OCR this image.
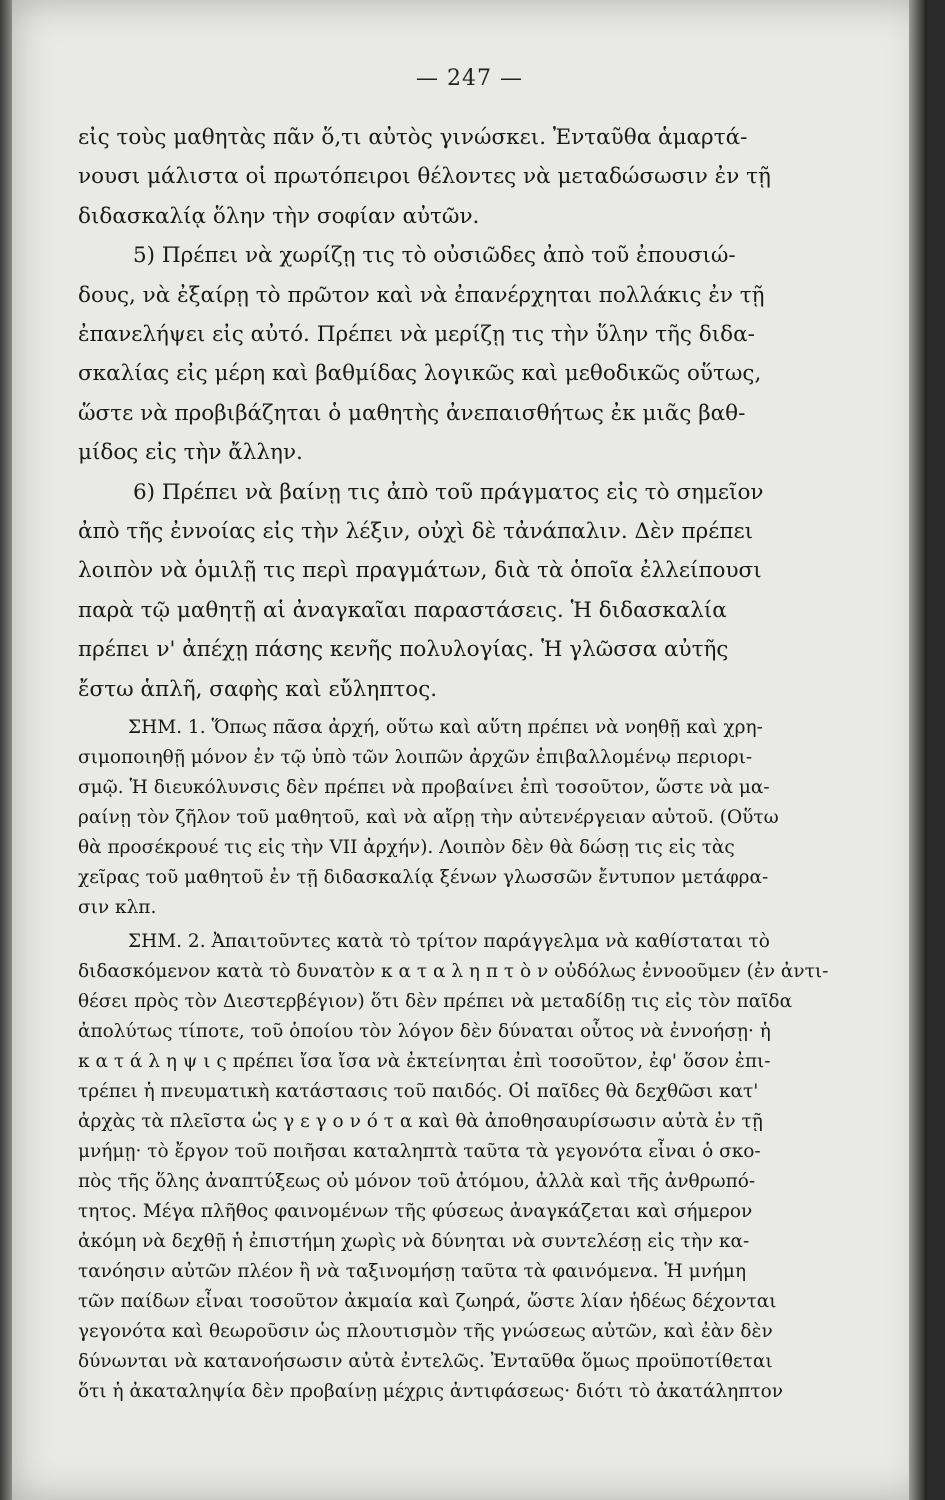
— 247 —
εἰς τοὺς μαθητὰς πᾶν ὅ,τι αὐτὸς γινώσκει. Ἐνταῦθα ἁμαρτά-
νουσι μάλιστα οἱ πρωτόπειροι θέλοντες νὰ μεταδώσωσιν ἐν τῇ
διδασκαλίᾳ ὅλην τὴν σοφίαν αὐτῶν.
5) Πρέπει νὰ χωρίζῃ τις τὸ οὐσιῶδες ἀπὸ τοῦ ἐπουσιώ-
δους, νὰ ἐξαίρῃ τὸ πρῶτον καὶ νὰ ἐπανέρχηται πολλάκις ἐν τῇ
ἐπανελήψει εἰς αὐτό. Πρέπει νὰ μερίζῃ τις τὴν ὕλην τῆς διδα-
σκαλίας εἰς μέρη καὶ βαθμίδας λογικῶς καὶ μεθοδικῶς οὕτως,
ὥστε νὰ προβιβάζηται ὁ μαθητὴς ἀνεπαισθήτως ἐκ μιᾶς βαθ-
μίδος εἰς τὴν ἄλλην.
6) Πρέπει νὰ βαίνῃ τις ἀπὸ τοῦ πράγματος εἰς τὸ σημεῖον
ἀπὸ τῆς ἐννοίας εἰς τὴν λέξιν, οὐχὶ δὲ τἀνάπαλιν. Δὲν πρέπει
λοιπὸν νὰ ὁμιλῇ τις περὶ πραγμάτων, διὰ τὰ ὁποῖα ἐλλείπουσι
παρὰ τῷ μαθητῇ αἱ ἀναγκαῖαι παραστάσεις. Ἡ διδασκαλία
πρέπει ν' ἀπέχῃ πάσης κενῆς πολυλογίας. Ἡ γλῶσσα αὐτῆς
ἔστω ἁπλῆ, σαφὴς καὶ εὔληπτος.
ΣΗΜ. 1. Ὅπως πᾶσα ἀρχή, οὕτω καὶ αὕτη πρέπει νὰ νοηθῇ καὶ χρη-
σιμοποιηθῇ μόνον ἐν τῷ ὑπὸ τῶν λοιπῶν ἀρχῶν ἐπιβαλλομένῳ περιορι-
σμῷ. Ἡ διευκόλυνσις δὲν πρέπει νὰ προβαίνει ἐπὶ τοσοῦτον, ὥστε νὰ μα-
ραίνῃ τὸν ζῆλον τοῦ μαθητοῦ, καὶ νὰ αἴρῃ τὴν αὐτενέργειαν αὐτοῦ. (Οὕτω
θὰ προσέκρουέ τις εἰς τὴν VII ἀρχήν). Λοιπὸν δὲν θὰ δώσῃ τις εἰς τὰς
χεῖρας τοῦ μαθητοῦ ἐν τῇ διδασκαλίᾳ ξένων γλωσσῶν ἔντυπον μετάφρα-
σιν κλπ.
ΣΗΜ. 2. Ἀπαιτοῦντες κατὰ τὸ τρίτον παράγγελμα νὰ καθίσταται τὸ
διδασκόμενον κατὰ τὸ δυνατὸν κ α τ α λ η π τ ὸ ν οὐδόλως ἐννοοῦμεν (ἐν ἀντι-
θέσει πρὸς τὸν Διεστερβέγιον) ὅτι δὲν πρέπει νὰ μεταδίδῃ τις εἰς τὸν παῖδα
ἀπολύτως τίποτε, τοῦ ὁποίου τὸν λόγον δὲν δύναται οὗτος νὰ ἐννοήσῃ· ἡ
κ α τ ά λ η ψ ι ς πρέπει ἴσα ἴσα νὰ ἐκτείνηται ἐπὶ τοσοῦτον, ἐφ' ὅσον ἐπι-
τρέπει ἡ πνευματικὴ κατάστασις τοῦ παιδός. Οἱ παῖδες θὰ δεχθῶσι κατ'
ἀρχὰς τὰ πλεῖστα ὡς γ ε γ ο ν ό τ α καὶ θὰ ἀποθησαυρίσωσιν αὐτὰ ἐν τῇ
μνήμῃ· τὸ ἔργον τοῦ ποιῆσαι καταληπτὰ ταῦτα τὰ γεγονότα εἶναι ὁ σκο-
πὸς τῆς ὅλης ἀναπτύξεως οὐ μόνον τοῦ ἀτόμου, ἀλλὰ καὶ τῆς ἀνθρωπό-
τητος. Μέγα πλῆθος φαινομένων τῆς φύσεως ἀναγκάζεται καὶ σήμερον
ἀκόμη νὰ δεχθῇ ἡ ἐπιστήμη χωρὶς νὰ δύνηται νὰ συντελέσῃ εἰς τὴν κα-
τανόησιν αὐτῶν πλέον ἢ νὰ ταξινομήσῃ ταῦτα τὰ φαινόμενα. Ἡ μνήμη
τῶν παίδων εἶναι τοσοῦτον ἀκμαία καὶ ζωηρά, ὥστε λίαν ἡδέως δέχονται
γεγονότα καὶ θεωροῦσιν ὡς πλουτισμὸν τῆς γνώσεως αὐτῶν, καὶ ἐὰν δὲν
δύνωνται νὰ κατανοήσωσιν αὐτὰ ἐντελῶς. Ἐνταῦθα ὅμως προϋποτίθεται
ὅτι ἡ ἀκαταληψία δὲν προβαίνῃ μέχρις ἀντιφάσεως· διότι τὸ ἀκατάληπτον
